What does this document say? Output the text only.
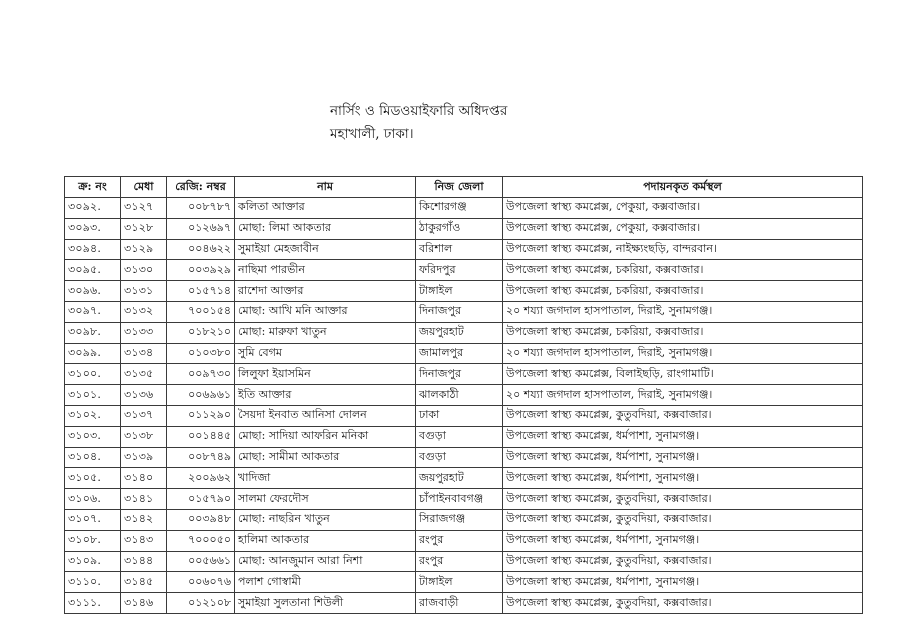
নার্সিং ও মিডওয়াইফারি অধিদপ্তর
মহাখালী, ঢাকা।
ক্র: নং	মেধা	রেজি: নম্বর	নাম	নিজ জেলা	পদায়নকৃত কর্মস্থল
৩০৯২.	৩১২৭	০০৮৭৮৭	কলিতা আক্তার	কিশোরগঞ্জ	উপজেলা স্বাস্থ্য কমপ্লেক্স, পেকুয়া, কক্সবাজার।
৩০৯৩.	৩১২৮	০১২৬৯৭	মোছা: লিমা আকতার	ঠাকুরগাঁও	উপজেলা স্বাস্থ্য কমপ্লেক্স, পেকুয়া, কক্সবাজার।
৩০৯৪.	৩১২৯	০০৪৬২২	সুমাইয়া মেহজাবীন	বরিশাল	উপজেলা স্বাস্থ্য কমপ্লেক্স, নাইক্ষ্যংছড়ি, বান্দরবান।
৩০৯৫.	৩১৩০	০০৩৯২৯	নাছিমা পারভীন	ফরিদপুর	উপজেলা স্বাস্থ্য কমপ্লেক্স, চকরিয়া, কক্সবাজার।
৩০৯৬.	৩১৩১	০১৫৭১৪	রাশেদা আক্তার	টাঙ্গাইল	উপজেলা স্বাস্থ্য কমপ্লেক্স, চকরিয়া, কক্সবাজার।
৩০৯৭.	৩১৩২	৭০০১৫৪	মোছা: আখি মনি আক্তার	দিনাজপুর	২০ শয্যা জগদাল হাসপাতাল, দিরাই, সুনামগঞ্জ।
৩০৯৮.	৩১৩৩	০১৮২১০	মোছা: মারুফা খাতুন	জয়পুরহাট	উপজেলা স্বাস্থ্য কমপ্লেক্স, চকরিয়া, কক্সবাজার।
৩০৯৯.	৩১৩৪	০১০৩৮০	সুমি বেগম	জামালপুর	২০ শয্যা জগদাল হাসপাতাল, দিরাই, সুনামগঞ্জ।
৩১০০.	৩১৩৫	০০৯৭৩০	লিলুফা ইয়াসমিন	দিনাজপুর	উপজেলা স্বাস্থ্য কমপ্লেক্স, বিলাইছড়ি, রাংগামাটি।
৩১০১.	৩১৩৬	০০৬৯৬১	ইতি আক্তার	ঝালকাঠী	২০ শয্যা জগদাল হাসপাতাল, দিরাই, সুনামগঞ্জ।
৩১০২.	৩১৩৭	০১১২৯০	সৈয়দা ইনবাত আনিসা দোলন	ঢাকা	উপজেলা স্বাস্থ্য কমপ্লেক্স, কুতুবদিয়া, কক্সবাজার।
৩১০৩.	৩১৩৮	০০১৪৪৫	মোছা: সাদিয়া আফরিন মনিকা	বগুড়া	উপজেলা স্বাস্থ্য কমপ্লেক্স, ধর্মপাশা, সুনামগঞ্জ।
৩১০৪.	৩১৩৯	০০৮৭৪৯	মোছা: সামীমা আকতার	বগুড়া	উপজেলা স্বাস্থ্য কমপ্লেক্স, ধর্মপাশা, সুনামগঞ্জ।
৩১০৫.	৩১৪০	২০০৯৬২	খাদিজা	জয়পুরহাট	উপজেলা স্বাস্থ্য কমপ্লেক্স, ধর্মপাশা, সুনামগঞ্জ।
৩১০৬.	৩১৪১	০১৫৭৯০	সালমা ফেরদৌস	চাঁপাইনবাবগঞ্জ	উপজেলা স্বাস্থ্য কমপ্লেক্স, কুতুবদিয়া, কক্সবাজার।
৩১০৭.	৩১৪২	০০৩৯৪৮	মোছা: নাছরিন খাতুন	সিরাজগঞ্জ	উপজেলা স্বাস্থ্য কমপ্লেক্স, কুতুবদিয়া, কক্সবাজার।
৩১০৮.	৩১৪৩	৭০০০৫০	হালিমা আকতার	রংপুর	উপজেলা স্বাস্থ্য কমপ্লেক্স, ধর্মপাশা, সুনামগঞ্জ।
৩১০৯.	৩১৪৪	০০৫৬৬১	মোছা: আনজুমান আরা নিশা	রংপুর	উপজেলা স্বাস্থ্য কমপ্লেক্স, কুতুবদিয়া, কক্সবাজার।
৩১১০.	৩১৪৫	০০৬০৭৬	পলাশ গোস্বামী	টাঙ্গাইল	উপজেলা স্বাস্থ্য কমপ্লেক্স, ধর্মপাশা, সুনামগঞ্জ।
৩১১১.	৩১৪৬	০১২১০৮	সুমাইয়া সুলতানা শিউলী	রাজবাড়ী	উপজেলা স্বাস্থ্য কমপ্লেক্স, কুতুবদিয়া, কক্সবাজার।
